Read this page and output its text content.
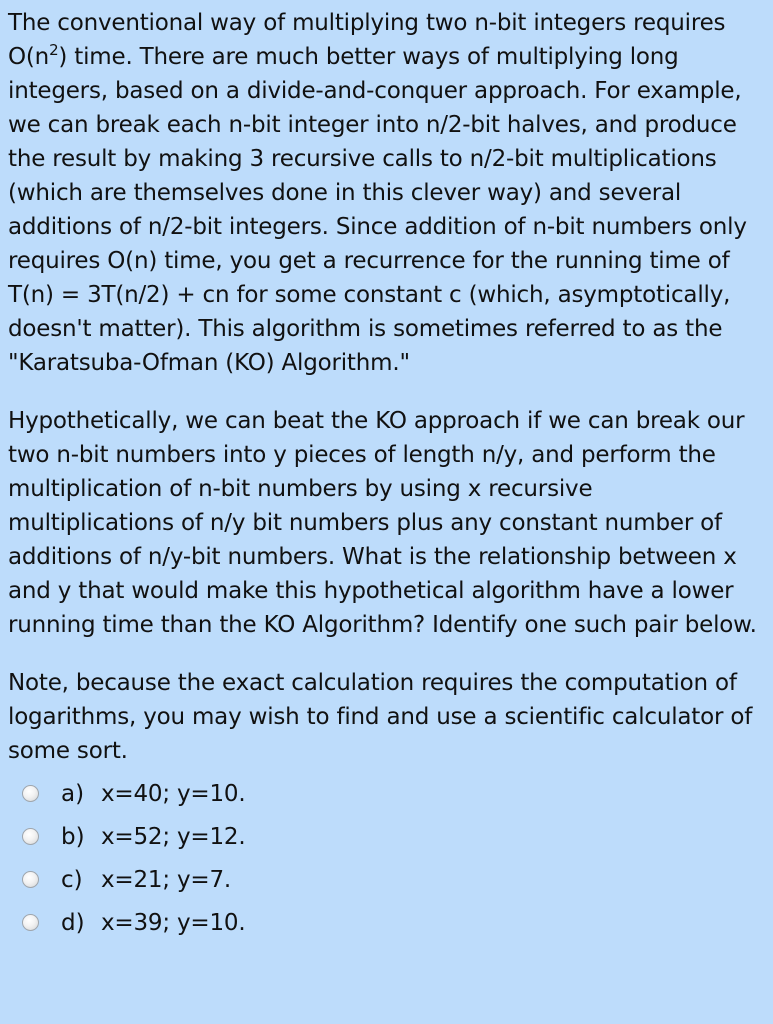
The conventional way of multiplying two n-bit integers requires $O(n^2)$ time. There are much better ways of multiplying long integers, based on a divide-and-conquer approach. For example, we can break each n-bit integer into n/2-bit halves, and produce the result by making 3 recursive calls to n/2-bit multiplications (which are themselves done in this clever way) and several additions of n/2-bit integers. Since addition of n-bit numbers only requires O(n) time, you get a recurrence for the running time of T(n) = 3T(n/2) + cn for some constant c (which, asymptotically, doesn't matter). This algorithm is sometimes referred to as the "Karatsuba-Ofman (KO) Algorithm."

Hypothetically, we can beat the KO approach if we can break our two n-bit numbers into y pieces of length n/y, and perform the multiplication of n-bit numbers by using x recursive multiplications of n/y bit numbers plus any constant number of additions of n/y-bit numbers. What is the relationship between x and y that would make this hypothetical algorithm have a lower running time than the KO Algorithm? Identify one such pair below.

Note, because the exact calculation requires the computation of logarithms, you may wish to find and use a scientific calculator of some sort.

a) x=40; y=10.
b) x=52; y=12.
c) x=21; y=7.
d) x=39; y=10.
